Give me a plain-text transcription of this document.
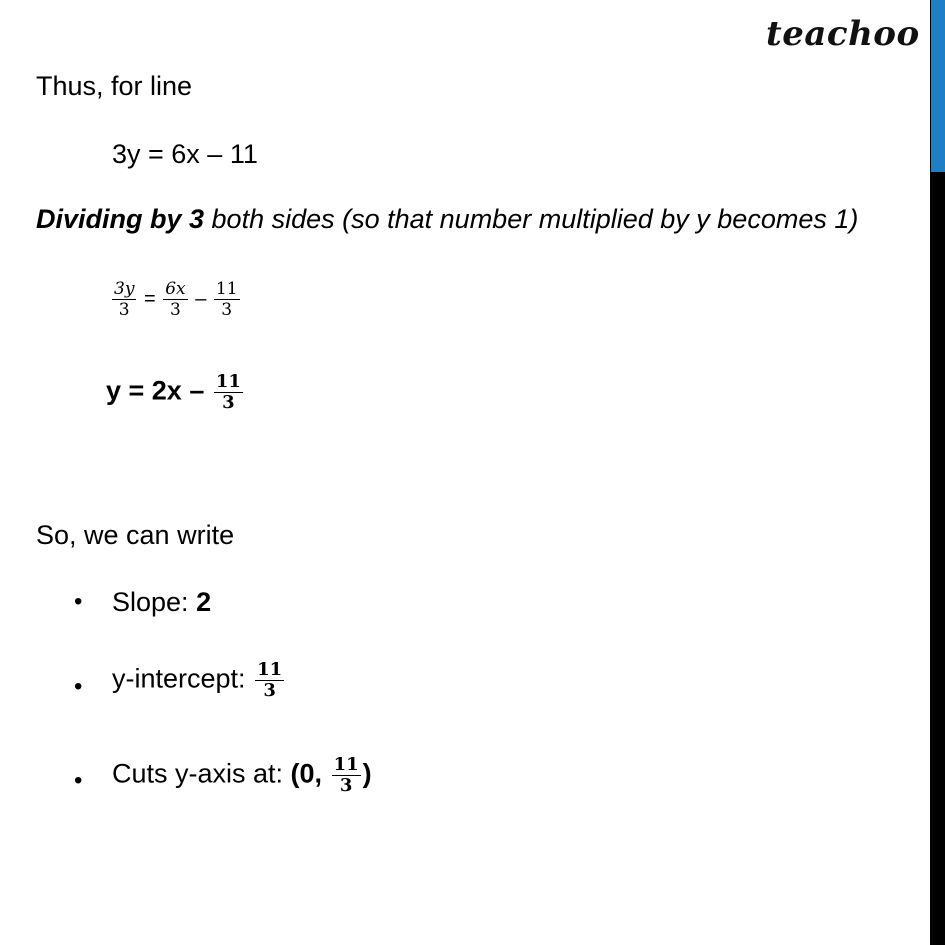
teachoo
Thus, for line
3y = 6x – 11
Dividing by 3 both sides (so that number multiplied by y becomes 1)
$\frac{3y}{3} = \frac{6x}{3} - \frac{11}{3}$
$y = 2x - \frac{11}{3}$
So, we can write
• Slope: 2
• y-intercept: $\frac{11}{3}$
• Cuts y-axis at: (0, $\frac{11}{3}$ )
